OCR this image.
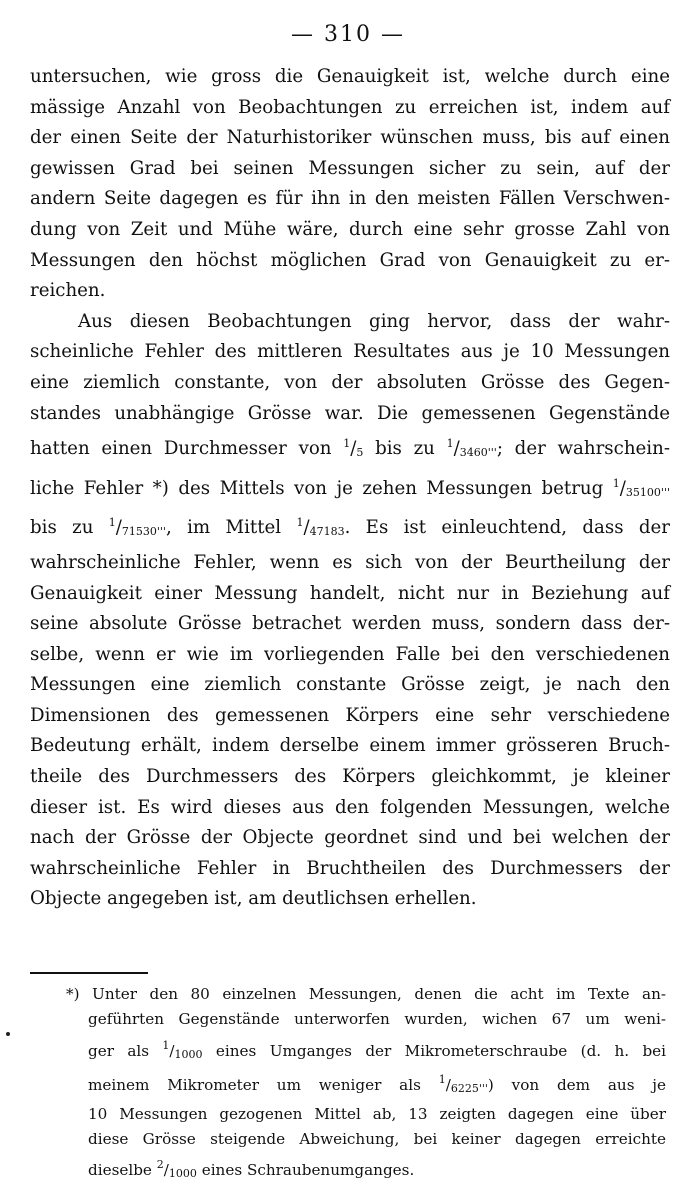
— 310 —
untersuchen, wie gross die Genauigkeit ist, welche durch eine
mässige Anzahl von Beobachtungen zu erreichen ist, indem auf
der einen Seite der Naturhistoriker wünschen muss, bis auf einen
gewissen Grad bei seinen Messungen sicher zu sein, auf der
andern Seite dagegen es für ihn in den meisten Fällen Verschwen-
dung von Zeit und Mühe wäre, durch eine sehr grosse Zahl von
Messungen den höchst möglichen Grad von Genauigkeit zu er-
reichen.
Aus diesen Beobachtungen ging hervor, dass der wahr-
scheinliche Fehler des mittleren Resultates aus je 10 Messungen
eine ziemlich constante, von der absoluten Grösse des Gegen-
standes unabhängige Grösse war. Die gemessenen Gegenstände
hatten einen Durchmesser von $^1/_5$ bis zu $^1/_{3460'''}$; der wahrschein-
liche Fehler *) des Mittels von je zehen Messungen betrug $^1/_{35100'''}$
bis zu $^1/_{71530'''}$, im Mittel $^1/_{47183}$. Es ist einleuchtend, dass der
wahrscheinliche Fehler, wenn es sich von der Beurtheilung der
Genauigkeit einer Messung handelt, nicht nur in Beziehung auf
seine absolute Grösse betrachet werden muss, sondern dass der-
selbe, wenn er wie im vorliegenden Falle bei den verschiedenen
Messungen eine ziemlich constante Grösse zeigt, je nach den
Dimensionen des gemessenen Körpers eine sehr verschiedene
Bedeutung erhält, indem derselbe einem immer grösseren Bruch-
theile des Durchmessers des Körpers gleichkommt, je kleiner
dieser ist. Es wird dieses aus den folgenden Messungen, welche
nach der Grösse der Objecte geordnet sind und bei welchen der
wahrscheinliche Fehler in Bruchtheilen des Durchmessers der
Objecte angegeben ist, am deutlichsen erhellen.
*) Unter den 80 einzelnen Messungen, denen die acht im Texte an-
geführten Gegenstände unterworfen wurden, wichen 67 um weni-
ger als $^1/_{1000}$ eines Umganges der Mikrometerschraube (d. h. bei
meinem Mikrometer um weniger als $^1/_{6225'''}$) von dem aus je
10 Messungen gezogenen Mittel ab, 13 zeigten dagegen eine über
diese Grösse steigende Abweichung, bei keiner dagegen erreichte
dieselbe $^2/_{1000}$ eines Schraubenumganges.
